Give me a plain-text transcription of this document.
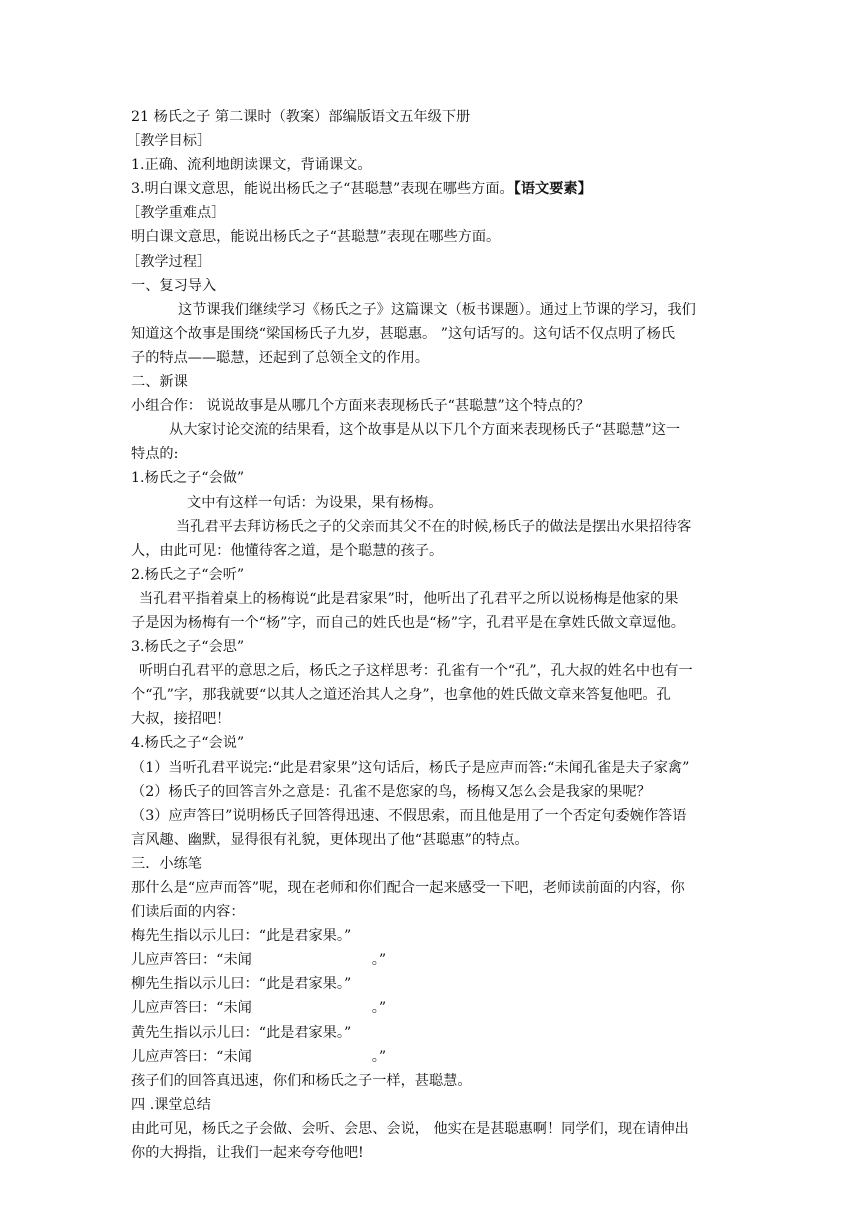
21 杨氏之子 第二课时（教案）部编版语文五年级下册
［教学目标］
1.正确、流利地朗读课文，背诵课文。
3.明白课文意思，能说出杨氏之子“甚聪慧”表现在哪些方面。【语文要素】
［教学重难点］
明白课文意思，能说出杨氏之子“甚聪慧”表现在哪些方面。
［教学过程］
一、复习导入
这节课我们继续学习《杨氏之子》这篇课文（板书课题）。通过上节课的学习，我们
知道这个故事是围绕“梁国杨氏子九岁，甚聪惠。 ”这句话写的。这句话不仅点明了杨氏
子的特点——聪慧，还起到了总领全文的作用。
二、新课
小组合作： 说说故事是从哪几个方面来表现杨氏子“甚聪慧”这个特点的？
从大家讨论交流的结果看，这个故事是从以下几个方面来表现杨氏子“甚聪慧”这一
特点的:
1.杨氏之子“会做”
文中有这样一句话：为设果，果有杨梅。
当孔君平去拜访杨氏之子的父亲而其父不在的时候,杨氏子的做法是摆出水果招待客
人，由此可见：他懂待客之道，是个聪慧的孩子。
2.杨氏之子“会听”
当孔君平指着桌上的杨梅说“此是君家果”时，他听出了孔君平之所以说杨梅是他家的果
子是因为杨梅有一个“杨”字，而自己的姓氏也是“杨”字，孔君平是在拿姓氏做文章逗他。
3.杨氏之子“会思”
听明白孔君平的意思之后，杨氏之子这样思考：孔雀有一个“孔”，孔大叔的姓名中也有一
个“孔”字，那我就要“以其人之道还治其人之身”，也拿他的姓氏做文章来答复他吧。孔
大叔，接招吧！
4.杨氏之子“会说”
（1）当听孔君平说完:“此是君家果”这句话后，杨氏子是应声而答:“未闻孔雀是夫子家禽”
（2）杨氏子的回答言外之意是：孔雀不是您家的鸟，杨梅又怎么会是我家的果呢？
（3）应声答曰”说明杨氏子回答得迅速、不假思索，而且他是用了一个否定句委婉作答语
言风趣、幽默，显得很有礼貌，更体现出了他“甚聪惠”的特点。
三．小练笔
那什么是“应声而答”呢，现在老师和你们配合一起来感受一下吧，老师读前面的内容，你
们读后面的内容：
梅先生指以示儿曰：“此是君家果。”
儿应声答曰：“未闻	。”
柳先生指以示儿曰：“此是君家果。”
儿应声答曰：“未闻	。”
黄先生指以示儿曰：“此是君家果。”
儿应声答曰：“未闻	。”
孩子们的回答真迅速，你们和杨氏之子一样，甚聪慧。
四 .课堂总结
由此可见，杨氏之子会做、会听、会思、会说， 他实在是甚聪惠啊！同学们，现在请伸出
你的大拇指，让我们一起来夸夸他吧!
